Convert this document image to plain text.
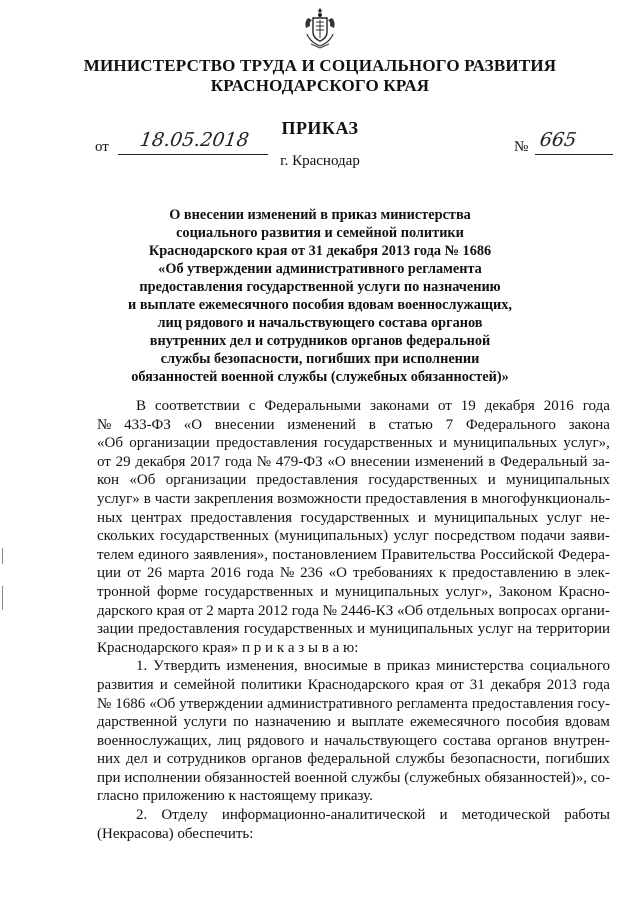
МИНИСТЕРСТВО ТРУДА И СОЦИАЛЬНОГО РАЗВИТИЯ
КРАСНОДАРСКОГО КРАЯ
ПРИКАЗ
от 18.05.2018	№ 665
г. Краснодар
О внесении изменений в приказ министерства
социального развития и семейной политики
Краснодарского края от 31 декабря 2013 года № 1686
«Об утверждении административного регламента
предоставления государственной услуги по назначению
и выплате ежемесячного пособия вдовам военнослужащих,
лиц рядового и начальствующего состава органов
внутренних дел и сотрудников органов федеральной
службы безопасности, погибших при исполнении
обязанностей военной службы (служебных обязанностей)»
В соответствии с Федеральными законами от 19 декабря 2016 года
№ 433-ФЗ «О внесении изменений в статью 7 Федерального закона
«Об организации предоставления государственных и муниципальных услуг»,
от 29 декабря 2017 года № 479-ФЗ «О внесении изменений в Федеральный за-
кон «Об организации предоставления государственных и муниципальных
услуг» в части закрепления возможности предоставления в многофункциональ-
ных центрах предоставления государственных и муниципальных услуг не-
скольких государственных (муниципальных) услуг посредством подачи заяви-
телем единого заявления», постановлением Правительства Российской Федера-
ции от 26 марта 2016 года № 236 «О требованиях к предоставлению в элек-
тронной форме государственных и муниципальных услуг», Законом Красно-
дарского края от 2 марта 2012 года № 2446-КЗ «Об отдельных вопросах органи-
зации предоставления государственных и муниципальных услуг на территории
Краснодарского края» п р и к а з ы в а ю:
1. Утвердить изменения, вносимые в приказ министерства социального
развития и семейной политики Краснодарского края от 31 декабря 2013 года
№ 1686 «Об утверждении административного регламента предоставления госу-
дарственной услуги по назначению и выплате ежемесячного пособия вдовам
военнослужащих, лиц рядового и начальствующего состава органов внутрен-
них дел и сотрудников органов федеральной службы безопасности, погибших
при исполнении обязанностей военной службы (служебных обязанностей)», со-
гласно приложению к настоящему приказу.
2. Отделу информационно-аналитической и методической работы
(Некрасова) обеспечить:
